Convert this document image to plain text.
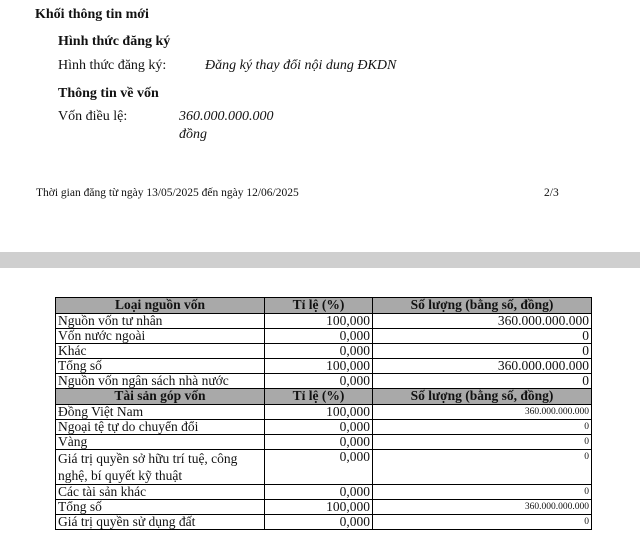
Khối thông tin mới
Hình thức đăng ký
Hình thức đăng ký:	Đăng ký thay đổi nội dung ĐKDN
Thông tin về vốn
Vốn điều lệ:	360.000.000.000
đồng
Thời gian đăng từ ngày 13/05/2025 đến ngày 12/06/2025	2/3
Loại nguồn vốn	Tỉ lệ (%)	Số lượng (bằng số, đồng)
Nguồn vốn tư nhân	100,000	360.000.000.000
Vốn nước ngoài	0,000	0
Khác	0,000	0
Tổng số	100,000	360.000.000.000
Nguồn vốn ngân sách nhà nước	0,000	0
Tài sản góp vốn	Tỉ lệ (%)	Số lượng (bằng số, đồng)
Đồng Việt Nam	100,000	360.000.000.000
Ngoại tệ tự do chuyển đổi	0,000	0
Vàng	0,000	0
Giá trị quyền sở hữu trí tuệ, công nghệ, bí quyết kỹ thuật	0,000	0
Các tài sản khác	0,000	0
Tổng số	100,000	360.000.000.000
Giá trị quyền sử dụng đất	0,000	0
